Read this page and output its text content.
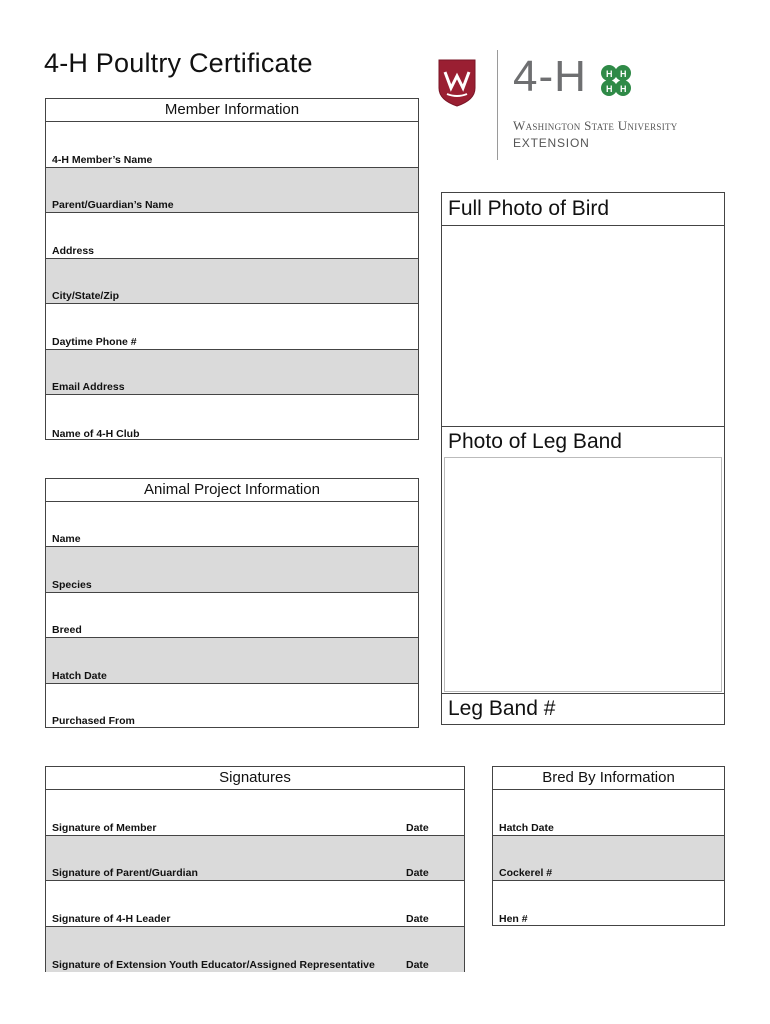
4-H Poultry Certificate	4-H H H
H H
Washington State University
EXTENSION
Member Information
4-H Member’s Name
Parent/Guardian’s Name
Address
City/State/Zip
Daytime Phone #
Email Address
Name of 4-H Club
Animal Project Information
Name
Species
Breed
Hatch Date
Purchased From
Full Photo of Bird
Photo of Leg Band
Leg Band #
Signatures
Signature of Member	Date
Signature of Parent/Guardian	Date
Signature of 4-H Leader	Date
Signature of Extension Youth Educator/Assigned Representative	Date
Bred By Information
Hatch Date
Cockerel #
Hen #
